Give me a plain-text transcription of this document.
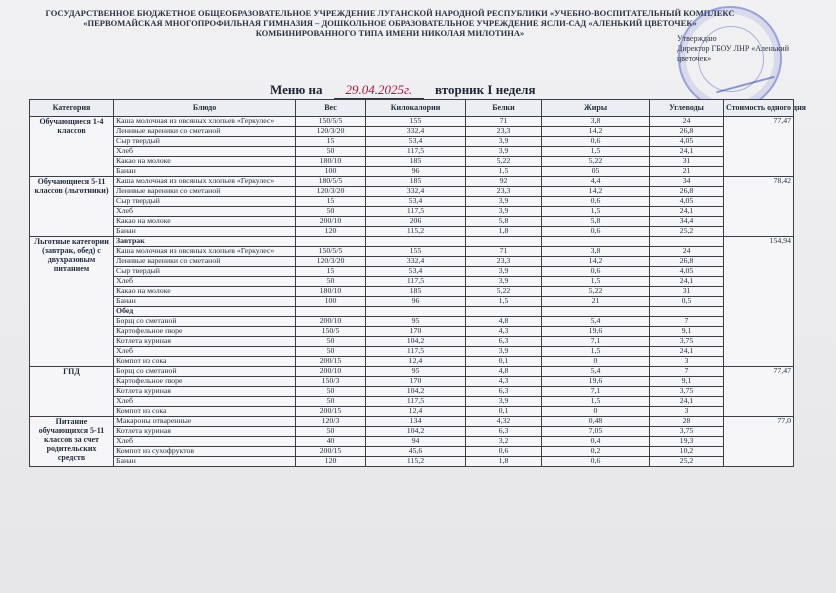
ГОСУДАРСТВЕННОЕ БЮДЖЕТНОЕ ОБЩЕОБРАЗОВАТЕЛЬНОЕ УЧРЕЖДЕНИЕ ЛУГАНСКОЙ НАРОДНОЙ РЕСПУБЛИКИ «УЧЕБНО-ВОСПИТАТЕЛЬНЫЙ КОМПЛЕКС
«ПЕРВОМАЙСКАЯ МНОГОПРОФИЛЬНАЯ ГИМНАЗИЯ – ДОШКОЛЬНОЕ ОБРАЗОВАТЕЛЬНОЕ УЧРЕЖДЕНИЕ ЯСЛИ-САД «АЛЕНЬКИЙ ЦВЕТОЧЕК»
КОМБИНИРОВАННОГО ТИПА ИМЕНИ НИКОЛАЯ МИЛОТИНА»
Утверждаю
Директор ГБОУ ЛНР «Аленький
цветочек»
Меню на 29.04.2025г. вторник I неделя
Категория	Блюдо	Вес	Килокалории	Белки	Жиры	Углеводы	Стоимость одного дня
Обучающиеся 1-4 классов	Каша молочная из овсяных хлопьев «Геркулес»	150/5/5	155	71	3,8	24	77,47
	Ленивые вареники со сметаной	120/3/20	332,4	23,3	14,2	26,8	
	Сыр твердый	15	53,4	3,9	0,6	4,05	
	Хлеб	50	117,5	3,9	1,5	24,1	
	Какао на молоке	180/10	185	5,22	5,22	31	
	Банан	100	96	1,5	05	21	
Обучающиеся 5-11 классов (льготники)	Каша молочная из овсяных хлопьев «Геркулес»	180/5/5	185	92	4,4	34	78,42
	Ленивые вареники со сметаной	120/3/20	332,4	23,3	14,2	26,8	
	Сыр твердый	15	53,4	3,9	0,6	4,05	
	Хлеб	50	117,5	3,9	1,5	24,1	
	Какао на молоке	200/10	206	5,8	5,8	34,4	
	Банан	120	115,2	1,8	0,6	25,2	
Льготные категории (завтрак, обед) с двухразовым питанием	Завтрак						154,94
	Каша молочная из овсяных хлопьев «Геркулес»	150/5/5	155	71	3,8	24	
	Ленивые вареники со сметаной	120/3/20	332,4	23,3	14,2	26,8	
	Сыр твердый	15	53,4	3,9	0,6	4,05	
	Хлеб	50	117,5	3,9	1,5	24,1	
	Какао на молоке	180/10	185	5,22	5,22	31	
	Банан	100	96	1,5	21	0,5	
	Обед						
	Борщ со сметаной	200/10	95	4,8	5,4	7	
	Картофельное пюре	150/5	170	4,3	19,6	9,1	
	Котлета куриная	50	104,2	6,3	7,1	3,75	
	Хлеб	50	117,5	3,9	1,5	24,1	
	Компот из сока	200/15	12,4	0,1	0	3	
ГПД	Борщ со сметаной	200/10	95	4,8	5,4	7	77,47
	Картофельное пюре	150/3	170	4,3	19,6	9,1	
	Котлета куриная	50	104,2	6,3	7,1	3,75	
	Хлеб	50	117,5	3,9	1,5	24,1	
	Компот из сока	200/15	12,4	0,1	0	3	
Питание обучающихся 5-11 классов за счет родительских средств	Макароны отваренные	120/3	134	4,32	0,48	28	77,0
	Котлета куриная	50	104,2	6,3	7,05	3,75	
	Хлеб	40	94	3,2	0,4	19,3	
	Компот из сухофруктов	200/15	45,6	0,6	0,2	10,2	
	Банан	120	115,2	1,8	0,6	25,2	
